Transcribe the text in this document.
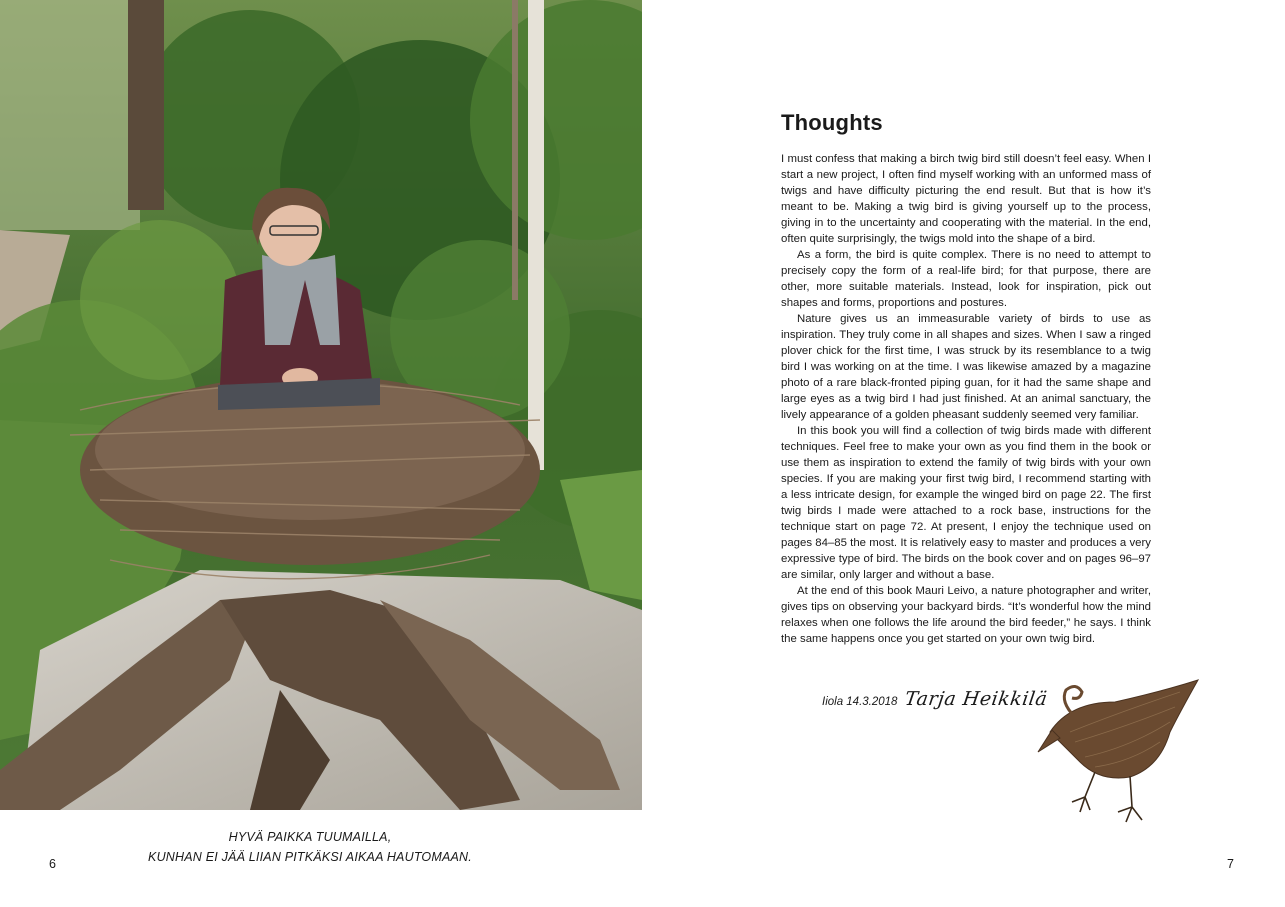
HYVÄ PAIKKA TUUMAILLA,
KUNHAN EI JÄÄ LIIAN PITKÄKSI AIKAA HAUTOMAAN.
6
Thoughts

I must confess that making a birch twig bird still doesn’t feel easy. When I start a new project, I often find myself working with an unformed mass of twigs and have difficulty picturing the end result. But that is how it’s meant to be. Making a twig bird is giving yourself up to the process, giving in to the uncertainty and cooperating with the material. In the end, often quite surprisingly, the twigs mold into the shape of a bird.

As a form, the bird is quite complex. There is no need to attempt to precisely copy the form of a real-life bird; for that purpose, there are other, more suitable materials. Instead, look for inspiration, pick out shapes and forms, proportions and postures.

Nature gives us an immeasurable variety of birds to use as inspiration. They truly come in all shapes and sizes. When I saw a ringed plover chick for the first time, I was struck by its resemblance to a twig bird I was working on at the time. I was likewise amazed by a magazine photo of a rare black-fronted piping guan, for it had the same shape and large eyes as a twig bird I had just finished. At an animal sanctuary, the lively appearance of a golden pheasant suddenly seemed very familiar.

In this book you will find a collection of twig birds made with different techniques. Feel free to make your own as you find them in the book or use them as inspiration to extend the family of twig birds with your own species. If you are making your first twig bird, I recommend starting with a less intricate design, for example the winged bird on page 22. The first twig birds I made were attached to a rock base, instructions for the technique start on page 72. At present, I enjoy the technique used on pages 84–85 the most. It is relatively easy to master and produces a very expressive type of bird. The birds on the book cover and on pages 96–97 are similar, only larger and without a base.

At the end of this book Mauri Leivo, a nature photographer and writer, gives tips on observing your backyard birds. “It’s wonderful how the mind relaxes when one follows the life around the bird feeder,” he says. I think the same happens once you get started on your own twig bird.

Iiola 14.3.2018 Tarja Heikkilä
7
